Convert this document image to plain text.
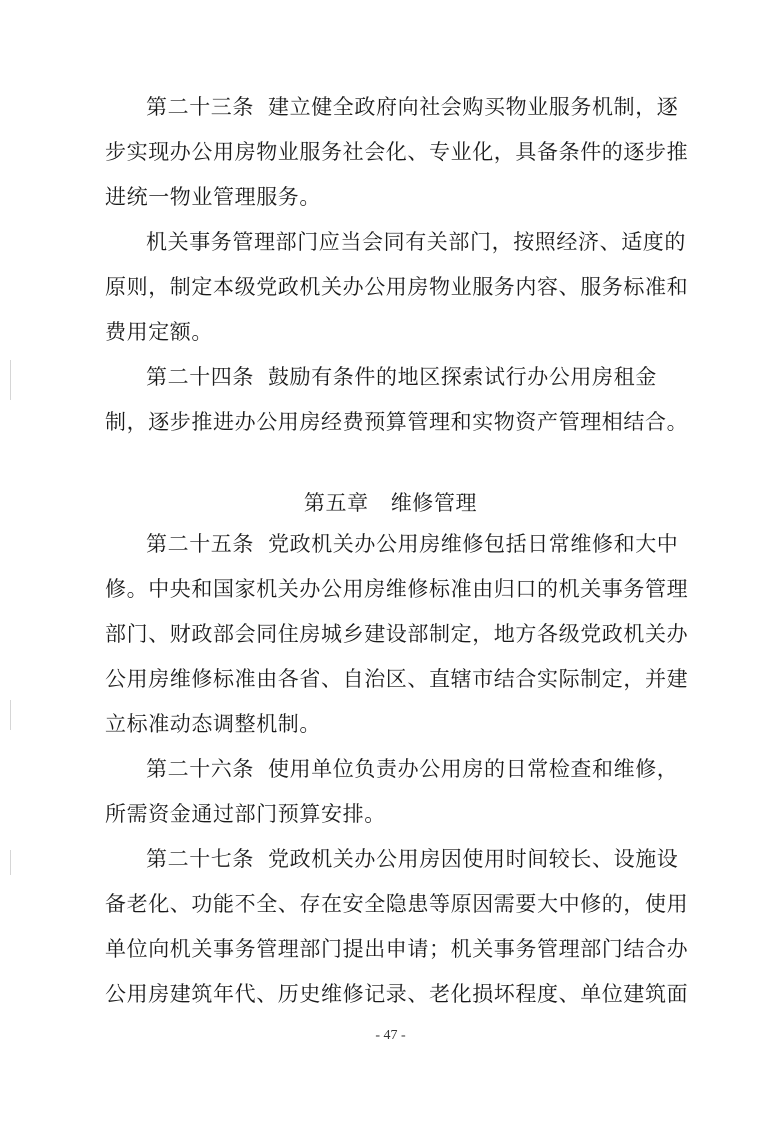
第二十三条 建立健全政府向社会购买物业服务机制，逐
步实现办公用房物业服务社会化、专业化，具备条件的逐步推
进统一物业管理服务。
机关事务管理部门应当会同有关部门，按照经济、适度的
原则，制定本级党政机关办公用房物业服务内容、服务标准和
费用定额。
第二十四条 鼓励有条件的地区探索试行办公用房租金
制，逐步推进办公用房经费预算管理和实物资产管理相结合。
第五章 维修管理
第二十五条 党政机关办公用房维修包括日常维修和大中
修。中央和国家机关办公用房维修标准由归口的机关事务管理
部门、财政部会同住房城乡建设部制定，地方各级党政机关办
公用房维修标准由各省、自治区、直辖市结合实际制定，并建
立标准动态调整机制。
第二十六条 使用单位负责办公用房的日常检查和维修，
所需资金通过部门预算安排。
第二十七条 党政机关办公用房因使用时间较长、设施设
备老化、功能不全、存在安全隐患等原因需要大中修的，使用
单位向机关事务管理部门提出申请；机关事务管理部门结合办
公用房建筑年代、历史维修记录、老化损坏程度、单位建筑面
- 47 -
